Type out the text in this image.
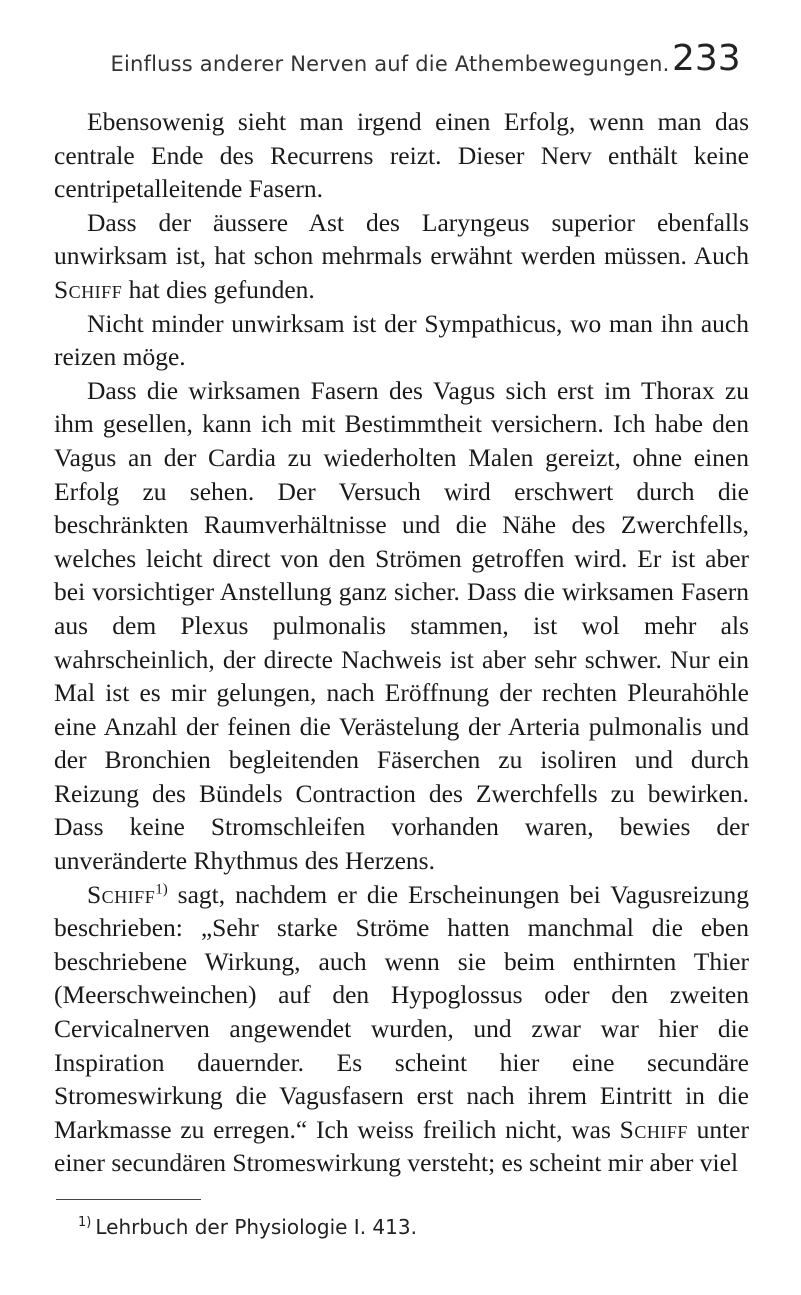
Einfluss anderer Nerven auf die Athembewegungen. 233

Ebensowenig sieht man irgend einen Erfolg, wenn man das centrale Ende des Recurrens reizt. Dieser Nerv enthält keine centripetalleitende Fasern.

Dass der äussere Ast des Laryngeus superior ebenfalls unwirksam ist, hat schon mehrmals erwähnt werden müssen. Auch Schiff hat dies gefunden.

Nicht minder unwirksam ist der Sympathicus, wo man ihn auch reizen möge.

Dass die wirksamen Fasern des Vagus sich erst im Thorax zu ihm gesellen, kann ich mit Bestimmtheit versichern. Ich habe den Vagus an der Cardia zu wiederholten Malen gereizt, ohne einen Erfolg zu sehen. Der Versuch wird erschwert durch die beschränkten Raumverhältnisse und die Nähe des Zwerchfells, welches leicht direct von den Strömen getroffen wird. Er ist aber bei vorsichtiger Anstellung ganz sicher. Dass die wirksamen Fasern aus dem Plexus pulmonalis stammen, ist wol mehr als wahrscheinlich, der directe Nachweis ist aber sehr schwer. Nur ein Mal ist es mir gelungen, nach Eröffnung der rechten Pleurahöhle eine Anzahl der feinen die Verästelung der Arteria pulmonalis und der Bronchien begleitenden Fäserchen zu isoliren und durch Reizung des Bündels Contraction des Zwerchfells zu bewirken. Dass keine Stromschleifen vorhanden waren, bewies der unveränderte Rhythmus des Herzens.

Schiff$^{1)}$ sagt, nachdem er die Erscheinungen bei Vagusreizung beschrieben: „Sehr starke Ströme hatten manchmal die eben beschriebene Wirkung, auch wenn sie beim enthirnten Thier (Meerschweinchen) auf den Hypoglossus oder den zweiten Cervicalnerven angewendet wurden, und zwar war hier die Inspiration dauernder. Es scheint hier eine secundäre Stromeswirkung die Vagusfasern erst nach ihrem Eintritt in die Markmasse zu erregen.“ Ich weiss freilich nicht, was Schiff unter einer secundären Stromeswirkung versteht; es scheint mir aber viel

$^{1)}$ Lehrbuch der Physiologie I. 413.
